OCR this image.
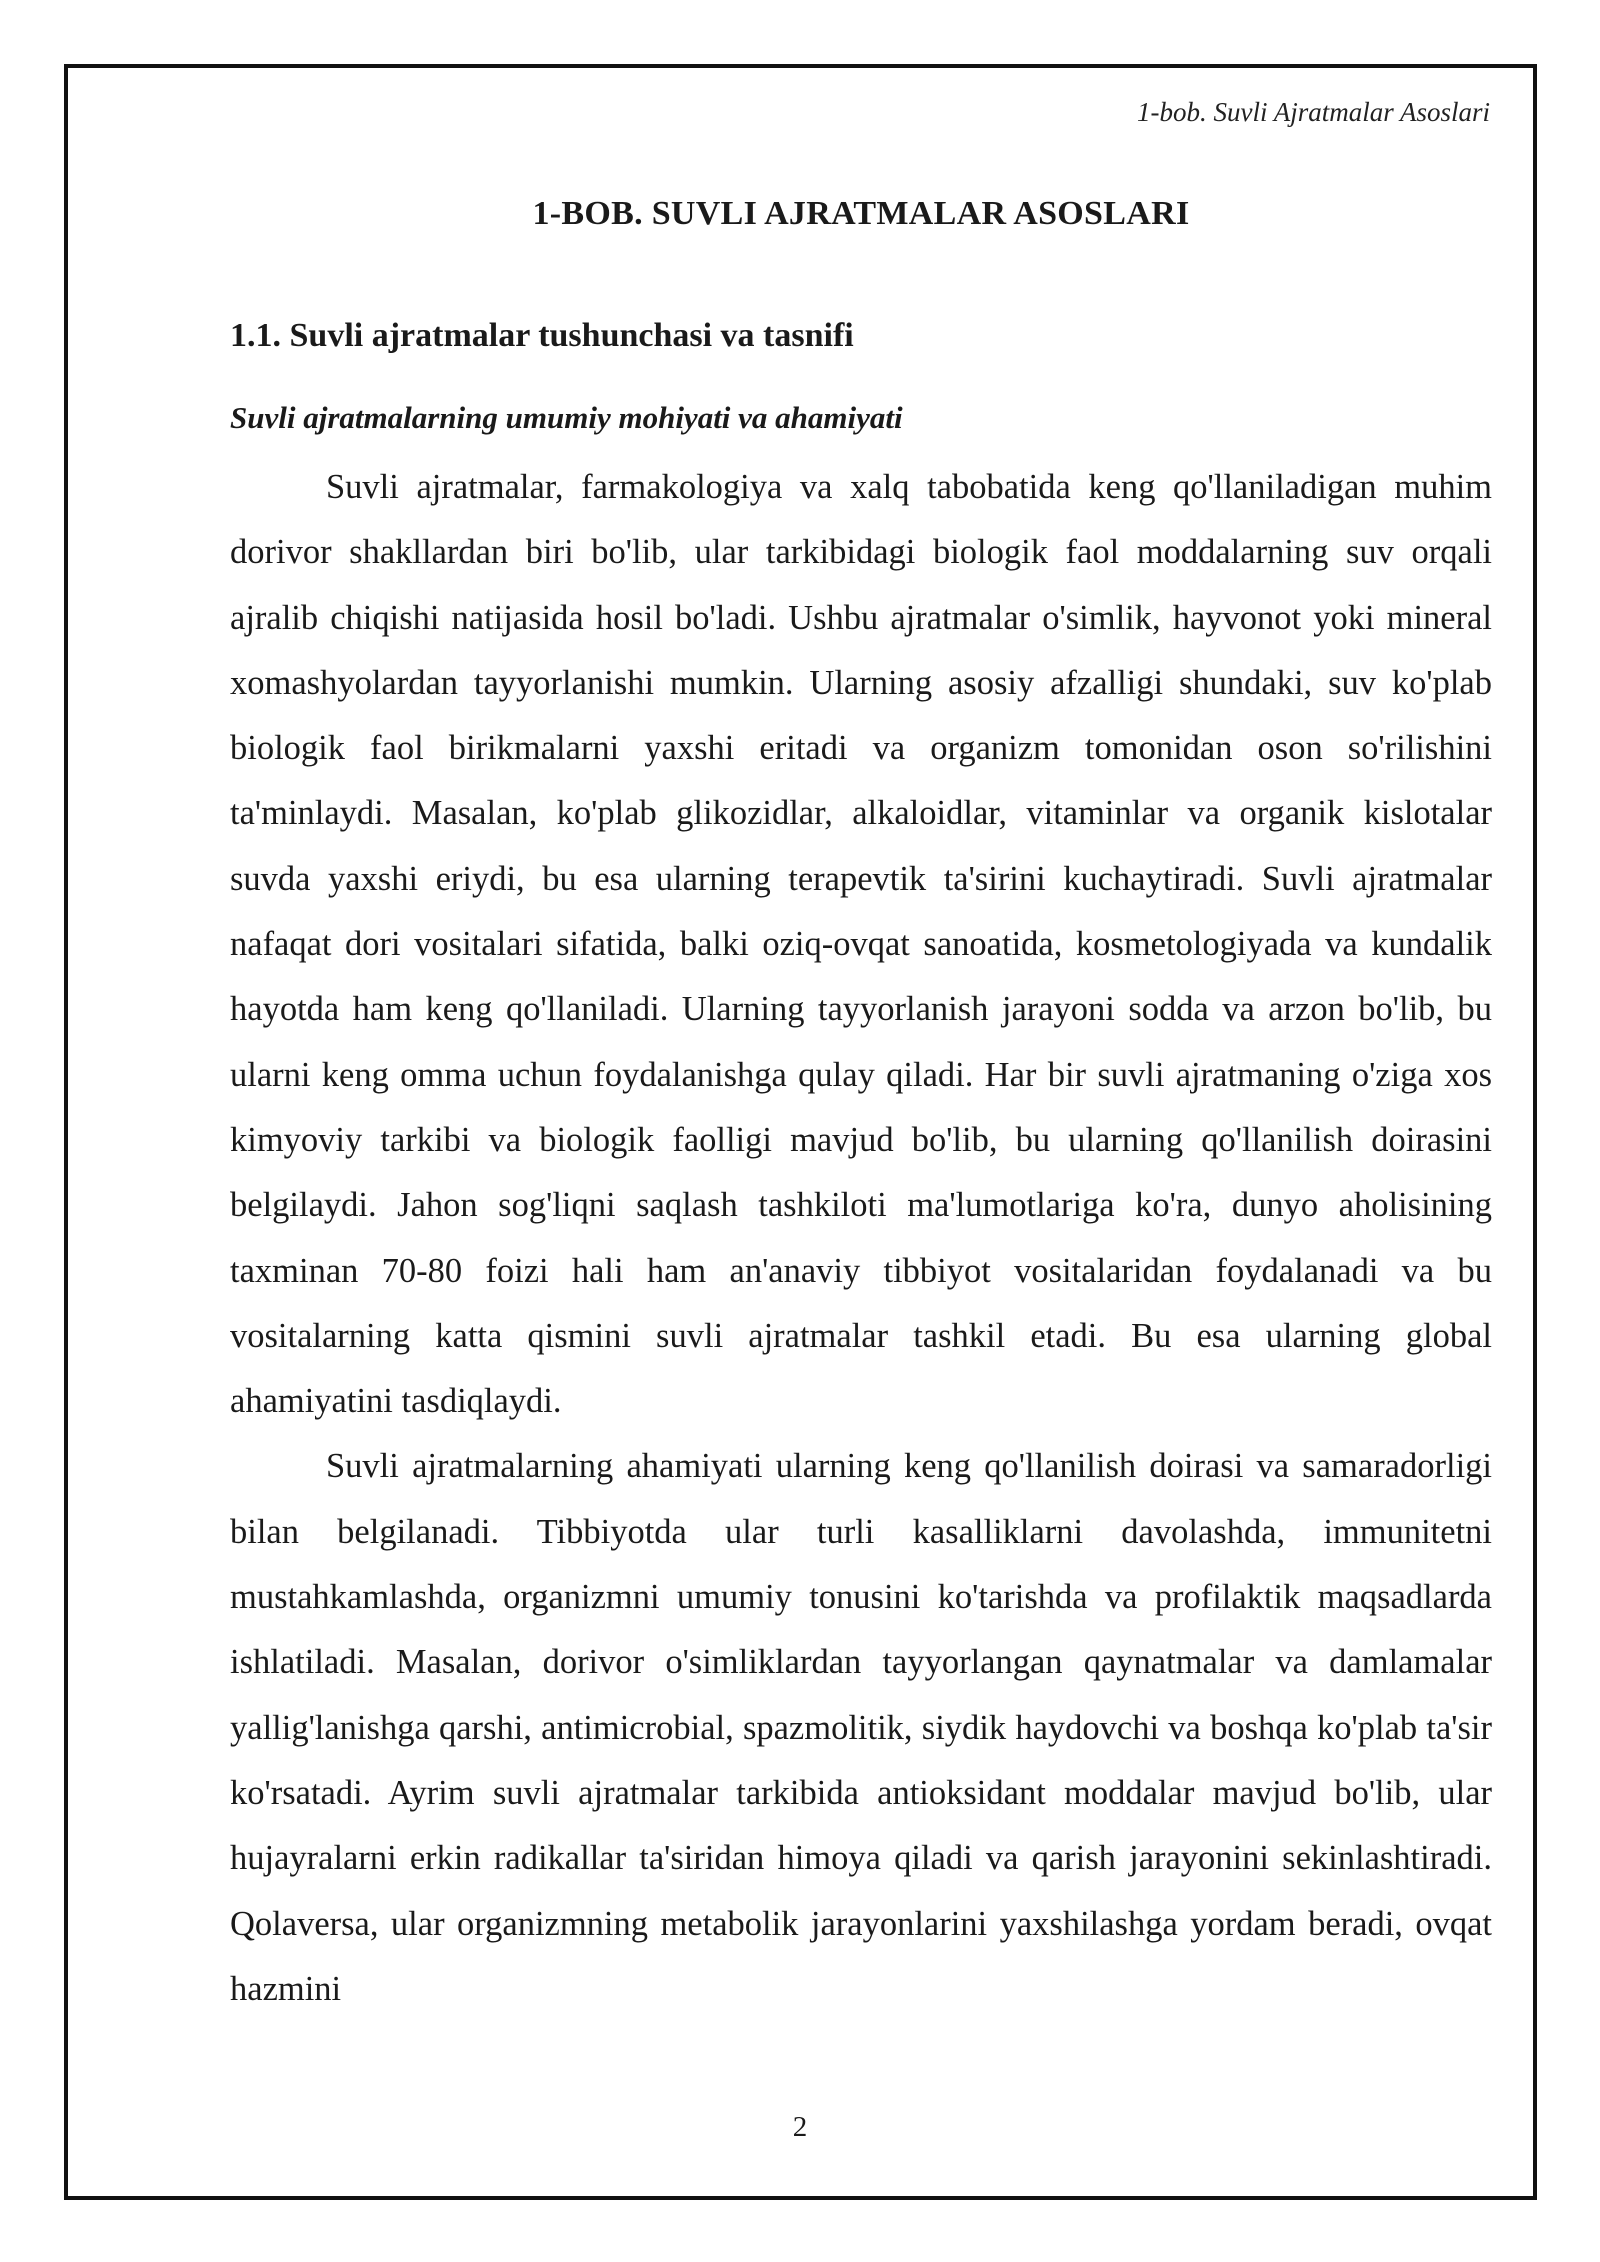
1-bob. Suvli Ajratmalar Asoslari
1-BOB. SUVLI AJRATMALAR ASOSLARI
1.1. Suvli ajratmalar tushunchasi va tasnifi
Suvli ajratmalarning umumiy mohiyati va ahamiyati

Suvli ajratmalar, farmakologiya va xalq tabobatida keng qo'llaniladigan muhim dorivor shakllardan biri bo'lib, ular tarkibidagi biologik faol moddalarning suv orqali ajralib chiqishi natijasida hosil bo'ladi. Ushbu ajratmalar o'simlik, hayvonot yoki mineral xomashyolardan tayyorlanishi mumkin. Ularning asosiy afzalligi shundaki, suv ko'plab biologik faol birikmalarni yaxshi eritadi va organizm tomonidan oson so'rilishini ta'minlaydi. Masalan, ko'plab glikozidlar, alkaloidlar, vitaminlar va organik kislotalar suvda yaxshi eriydi, bu esa ularning terapevtik ta'sirini kuchaytiradi. Suvli ajratmalar nafaqat dori vositalari sifatida, balki oziq-ovqat sanoatida, kosmetologiyada va kundalik hayotda ham keng qo'llaniladi. Ularning tayyorlanish jarayoni sodda va arzon bo'lib, bu ularni keng omma uchun foydalanishga qulay qiladi. Har bir suvli ajratmaning o'ziga xos kimyoviy tarkibi va biologik faolligi mavjud bo'lib, bu ularning qo'llanilish doirasini belgilaydi. Jahon sog'liqni saqlash tashkiloti ma'lumotlariga ko'ra, dunyo aholisining taxminan 70-80 foizi hali ham an'anaviy tibbiyot vositalaridan foydalanadi va bu vositalarning katta qismini suvli ajratmalar tashkil etadi. Bu esa ularning global ahamiyatini tasdiqlaydi.

Suvli ajratmalarning ahamiyati ularning keng qo'llanilish doirasi va samaradorligi bilan belgilanadi. Tibbiyotda ular turli kasalliklarni davolashda, immunitetni mustahkamlashda, organizmni umumiy tonusini ko'tarishda va profilaktik maqsadlarda ishlatiladi. Masalan, dorivor o'simliklardan tayyorlangan qaynatmalar va damlamalar yallig'lanishga qarshi, antimicrobial, spazmolitik, siydik haydovchi va boshqa ko'plab ta'sir ko'rsatadi. Ayrim suvli ajratmalar tarkibida antioksidant moddalar mavjud bo'lib, ular hujayralarni erkin radikallar ta'siridan himoya qiladi va qarish jarayonini sekinlashtiradi. Qolaversa, ular organizmning metabolik jarayonlarini yaxshilashga yordam beradi, ovqat hazmini

2
